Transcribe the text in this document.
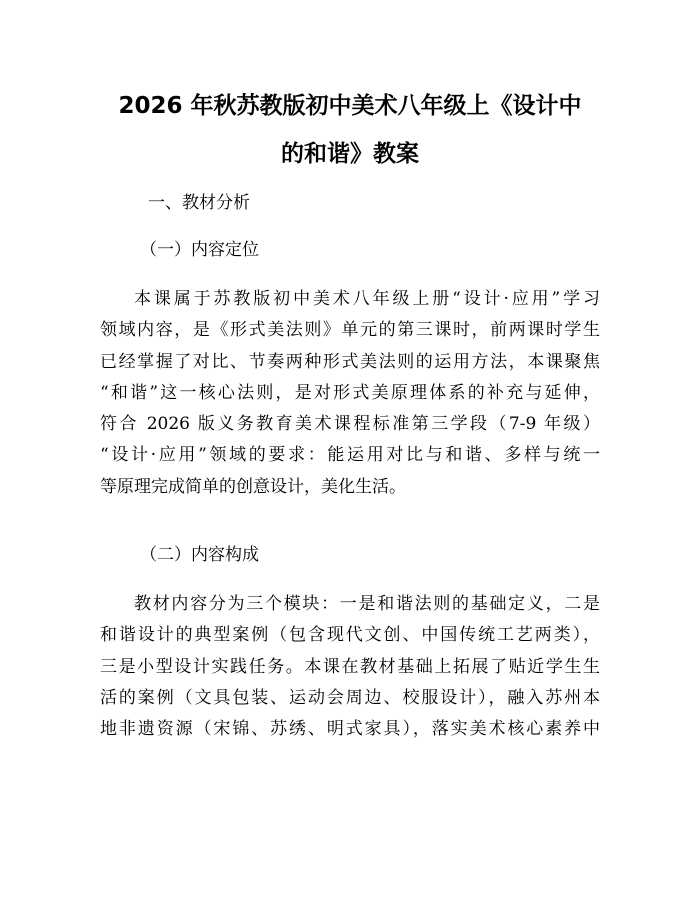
2026 年秋苏教版初中美术八年级上《设计中
的和谐》教案

一、教材分析

（一）内容定位

本课属于苏教版初中美术八年级上册“设计·应用”学习
领域内容，是《形式美法则》单元的第三课时，前两课时学生
已经掌握了对比、节奏两种形式美法则的运用方法，本课聚焦
“和谐”这一核心法则，是对形式美原理体系的补充与延伸，
符合 2026 版义务教育美术课程标准第三学段（7-9 年级）
“设计·应用”领域的要求：能运用对比与和谐、多样与统一
等原理完成简单的创意设计，美化生活。

（二）内容构成

教材内容分为三个模块：一是和谐法则的基础定义，二是
和谐设计的典型案例（包含现代文创、中国传统工艺两类），
三是小型设计实践任务。本课在教材基础上拓展了贴近学生生
活的案例（文具包装、运动会周边、校服设计），融入苏州本
地非遗资源（宋锦、苏绣、明式家具），落实美术核心素养中
